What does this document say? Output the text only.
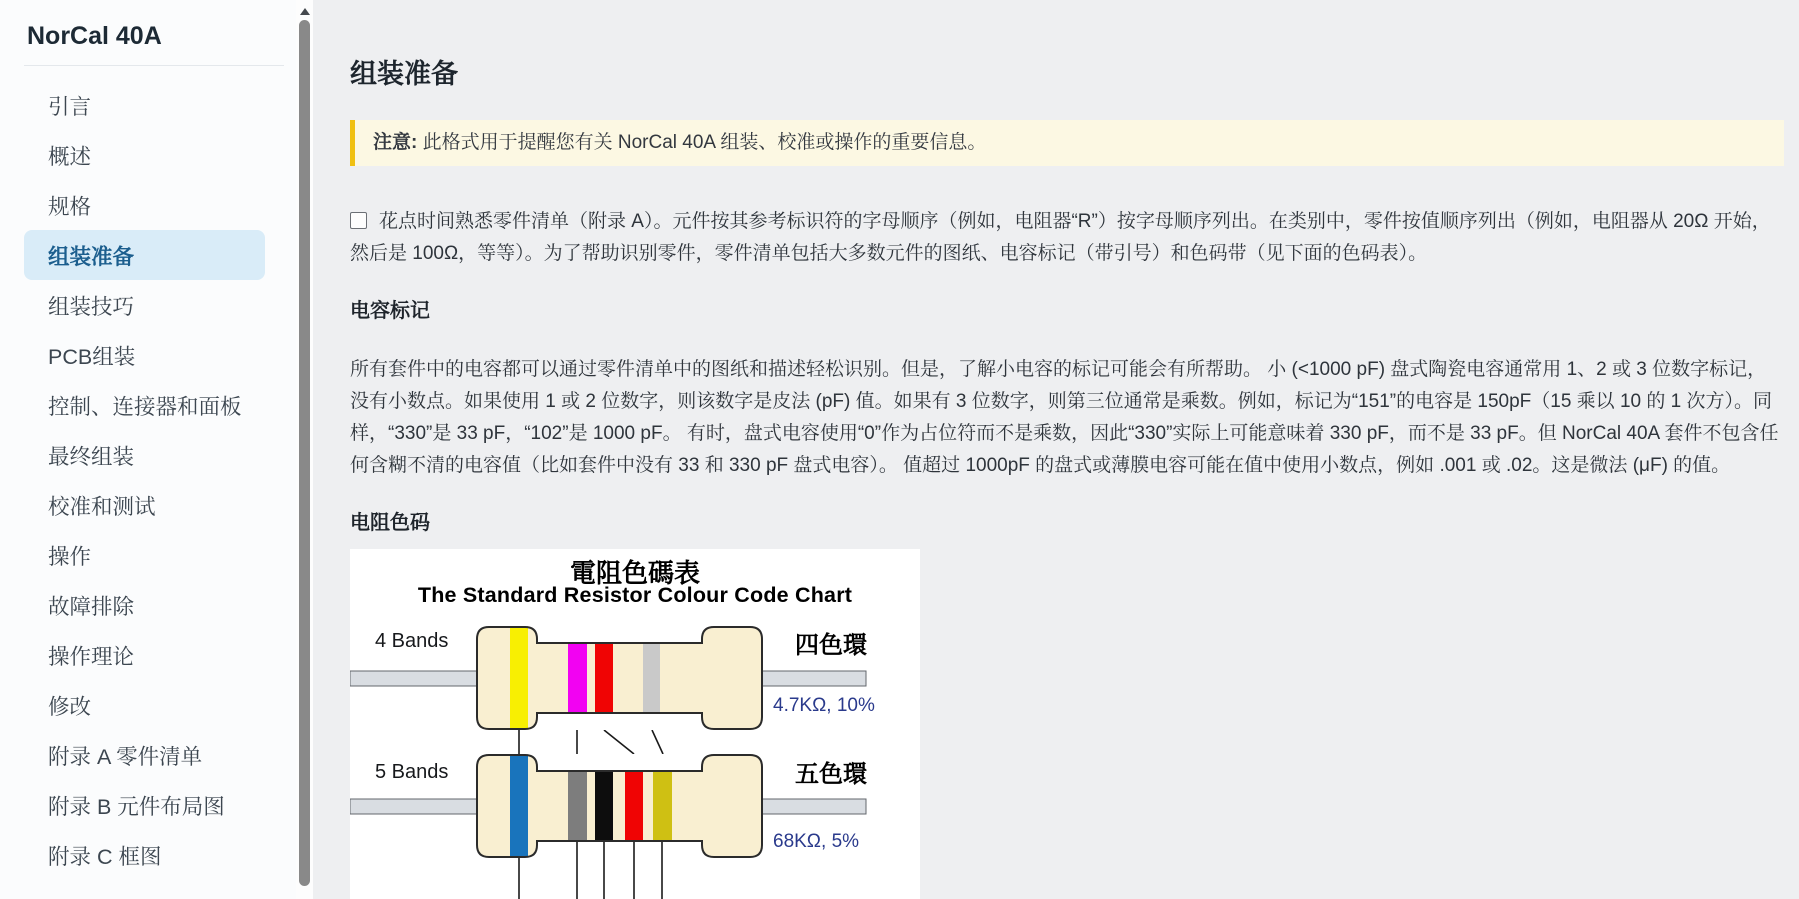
NorCal 40A
引言
概述
规格
组装准备
组装技巧
PCB组装
控制、连接器和面板
最终组装
校准和测试
操作
故障排除
操作理论
修改
附录 A 零件清单
附录 B 元件布局图
附录 C 框图
组装准备
注意: 此格式用于提醒您有关 NorCal 40A 组装、校准或操作的重要信息。

花点时间熟悉零件清单（附录 A）。元件按其参考标识符的字母顺序（例如，电阻器“R”）按字母顺序列出。在类别中，零件按值顺序列出（例如，电阻器从 20Ω 开始，然后是 100Ω，等等）。为了帮助识别零件，零件清单包括大多数元件的图纸、电容标记（带引号）和色码带（见下面的色码表）。

电容标记

所有套件中的电容都可以通过零件清单中的图纸和描述轻松识别。但是，了解小电容的标记可能会有所帮助。 小 (<1000 pF) 盘式陶瓷电容通常用 1、2 或 3 位数字标记，没有小数点。如果使用 1 或 2 位数字，则该数字是皮法 (pF) 值。如果有 3 位数字，则第三位通常是乘数。例如，标记为“151”的电容是 150pF（15 乘以 10 的 1 次方）。同样，“330”是 33 pF，“102”是 1000 pF。 有时，盘式电容使用“0”作为占位符而不是乘数，因此“330”实际上可能意味着 330 pF，而不是 33 pF。但 NorCal 40A 套件不包含任何含糊不清的电容值（比如套件中没有 33 和 330 pF 盘式电容）。 值超过 1000pF 的盘式或薄膜电容可能在值中使用小数点，例如 .001 或 .02。这是微法 (μF) 的值。

电阻色码
電阻色碼表
The Standard Resistor Colour Code Chart
4 Bands	四色環
4.7KΩ, 10%
5 Bands	五色環
68KΩ, 5%
